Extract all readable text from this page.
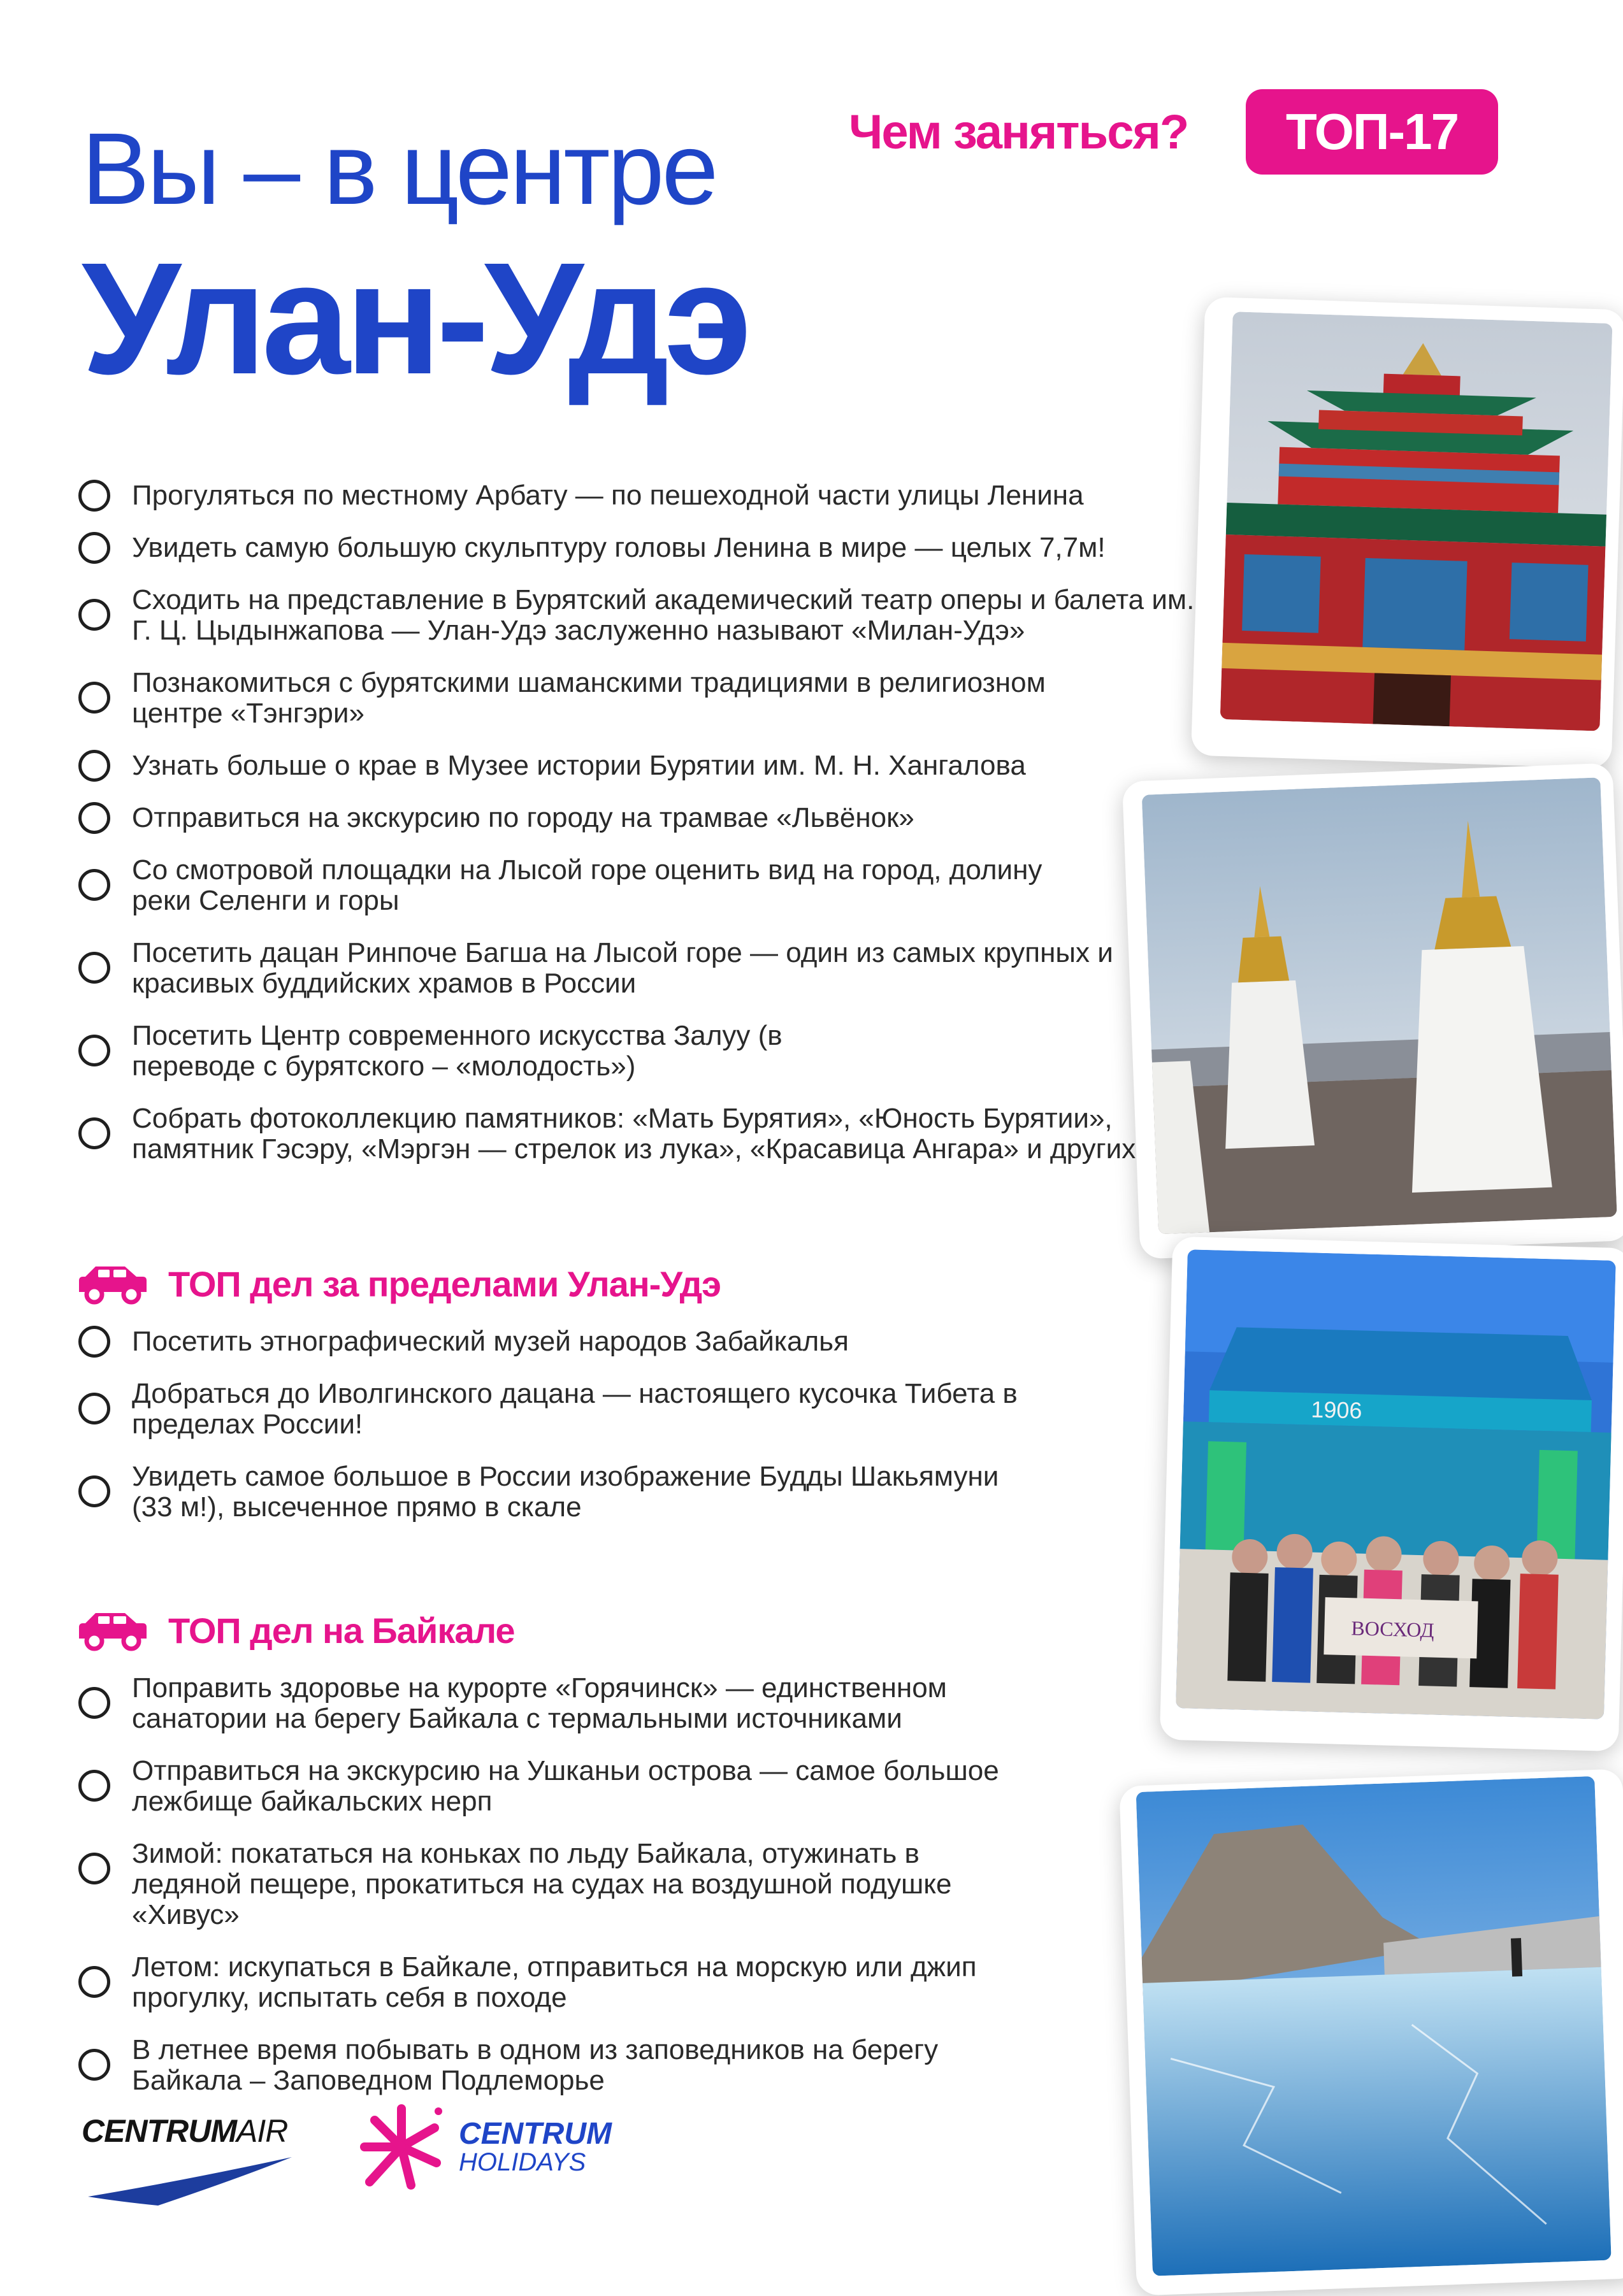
Вы – в центре
Улан-Удэ
Чем заняться?	ТОП-17
Прогуляться по местному Арбату — по пешеходной части улицы Ленина
Увидеть самую большую скульптуру головы Ленина в мире — целых 7,7м!
Сходить на представление в Бурятский академический театр оперы и балета им. Г. Ц. Цыдынжапова — Улан-Удэ заслуженно называют «Милан-Удэ»
Познакомиться с бурятскими шаманскими традициями в религиозном центре «Тэнгэри»
Узнать больше о крае в Музее истории Бурятии им. М. Н. Хангалова
Отправиться на экскурсию по городу на трамвае «Львёнок»
Со смотровой площадки на Лысой горе оценить вид на город, долину реки Селенги и горы
Посетить дацан Ринпоче Багша на Лысой горе — один из самых крупных и красивых буддийских храмов в России
Посетить Центр современного искусства Залуу (в переводе с бурятского – «молодость»)
Собрать фотоколлекцию памятников: «Мать Бурятия», «Юность Бурятии», памятник Гэсэру, «Мэргэн — стрелок из лука», «Красавица Ангара» и других
ТОП дел за пределами Улан-Удэ
Посетить этнографический музей народов Забайкалья
Добраться до Иволгинского дацана — настоящего кусочка Тибета в пределах России!
Увидеть самое большое в России изображение Будды Шакьямуни (33 м!), высеченное прямо в скале
ТОП дел на Байкале
Поправить здоровье на курорте «Горячинск» — единственном санатории на берегу Байкала с термальными источниками
Отправиться на экскурсию на Ушканьи острова — самое большое лежбище байкальских нерп
Зимой: покататься на коньках по льду Байкала, отужинать в ледяной пещере, прокатиться на судах на воздушной подушке «Хивус»
Летом: искупаться в Байкале, отправиться на морскую или джип прогулку, испытать себя в походе
В летнее время побывать в одном из заповедников на берегу Байкала – Заповедном Подлеморье
1906
ВОСХОД
CENTRUMAIR	CENTRUM
HOLIDAYS
